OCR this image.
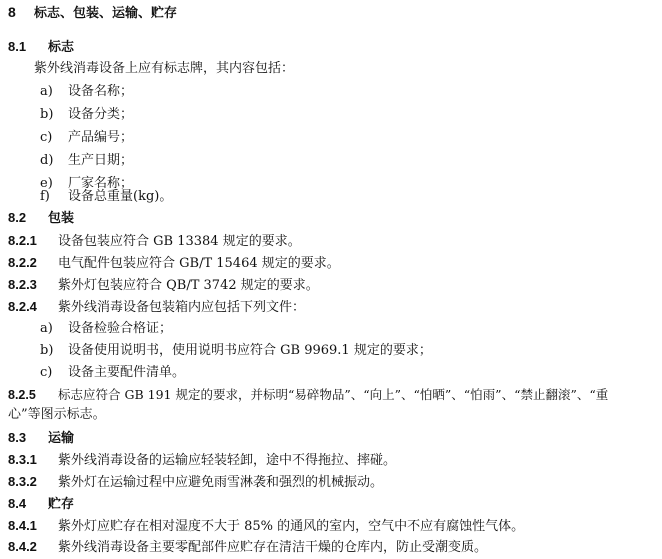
8 标志、包装、运输、贮存
8.1 标志
紫外线消毒设备上应有标志牌，其内容包括：
a) 设备名称；
b) 设备分类；
c) 产品编号；
d) 生产日期；
e) 厂家名称；
f) 设备总重量(kg)。
8.2 包装
8.2.1 设备包装应符合 GB 13384 规定的要求。
8.2.2 电气配件包装应符合 GB/T 15464 规定的要求。
8.2.3 紫外灯包装应符合 QB/T 3742 规定的要求。
8.2.4 紫外线消毒设备包装箱内应包括下列文件：
a) 设备检验合格证；
b) 设备使用说明书，使用说明书应符合 GB 9969.1 规定的要求；
c) 设备主要配件清单。
8.2.5 标志应符合 GB 191 规定的要求，并标明“易碎物品”、“向上”、“怕晒”、“怕雨”、“禁止翻滚”、“重
心”等图示标志。
8.3 运输
8.3.1 紫外线消毒设备的运输应轻装轻卸，途中不得拖拉、摔碰。
8.3.2 紫外灯在运输过程中应避免雨雪淋袭和强烈的机械振动。
8.4 贮存
8.4.1 紫外灯应贮存在相对湿度不大于 85% 的通风的室内，空气中不应有腐蚀性气体。
8.4.2 紫外线消毒设备主要零配部件应贮存在清洁干燥的仓库内，防止受潮变质。
